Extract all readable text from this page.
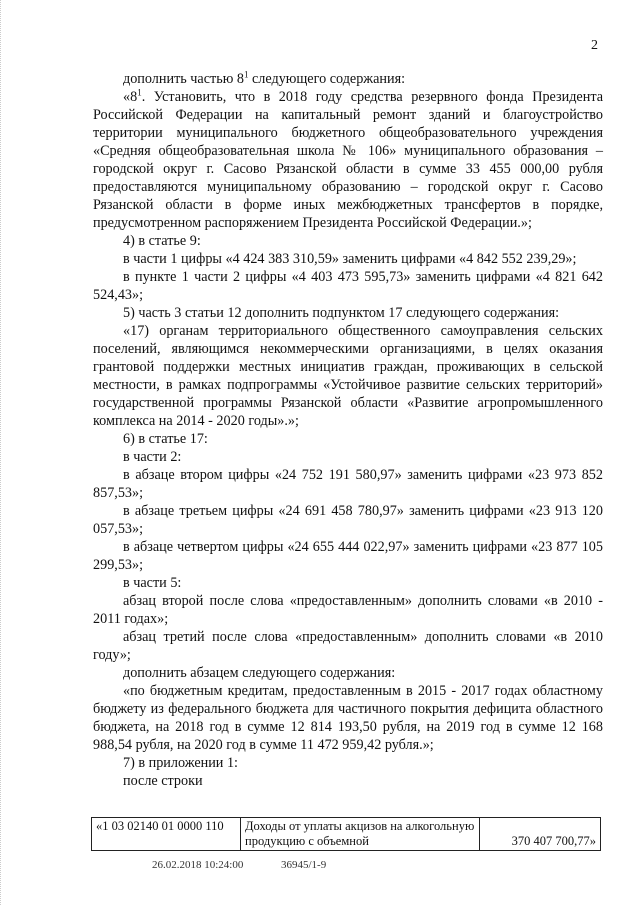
2

дополнить частью $8^1$ следующего содержания:

«$8^1$. Установить, что в 2018 году средства резервного фонда Президента Российской Федерации на капитальный ремонт зданий и благоустройство территории муниципального бюджетного общеобразовательного учреждения «Средняя общеобразовательная школа № 106» муниципального образования – городской округ г. Сасово Рязанской области в сумме 33 455 000,00 рубля предоставляются муниципальному образованию – городской округ г. Сасово Рязанской области в форме иных межбюджетных трансфертов в порядке, предусмотренном распоряжением Президента Российской Федерации.»;

4) в статье 9:

в части 1 цифры «4 424 383 310,59» заменить цифрами «4 842 552 239,29»;

в пункте 1 части 2 цифры «4 403 473 595,73» заменить цифрами «4 821 642 524,43»;

5) часть 3 статьи 12 дополнить подпунктом 17 следующего содержания:

«17) органам территориального общественного самоуправления сельских поселений, являющимся некоммерческими организациями, в целях оказания грантовой поддержки местных инициатив граждан, проживающих в сельской местности, в рамках подпрограммы «Устойчивое развитие сельских территорий» государственной программы Рязанской области «Развитие агропромышленного комплекса на 2014 - 2020 годы».»;

6) в статье 17:

в части 2:

в абзаце втором цифры «24 752 191 580,97» заменить цифрами «23 973 852 857,53»;

в абзаце третьем цифры «24 691 458 780,97» заменить цифрами «23 913 120 057,53»;

в абзаце четвертом цифры «24 655 444 022,97» заменить цифрами «23 877 105 299,53»;

в части 5:

абзац второй после слова «предоставленным» дополнить словами «в 2010 - 2011 годах»;

абзац третий после слова «предоставленным» дополнить словами «в 2010 году»;

дополнить абзацем следующего содержания:

«по бюджетным кредитам, предоставленным в 2015 - 2017 годах областному бюджету из федерального бюджета для частичного покрытия дефицита областного бюджета, на 2018 год в сумме 12 814 193,50 рубля, на 2019 год в сумме 12 168 988,54 рубля, на 2020 год в сумме 11 472 959,42 рубля.»;

7) в приложении 1:

после строки

«1 03 02140 01 0000 110	Доходы от уплаты акцизов на алкогольную продукцию с объемной	370 407 700,77»
26.02.2018 10:24:00	36945/1-9
